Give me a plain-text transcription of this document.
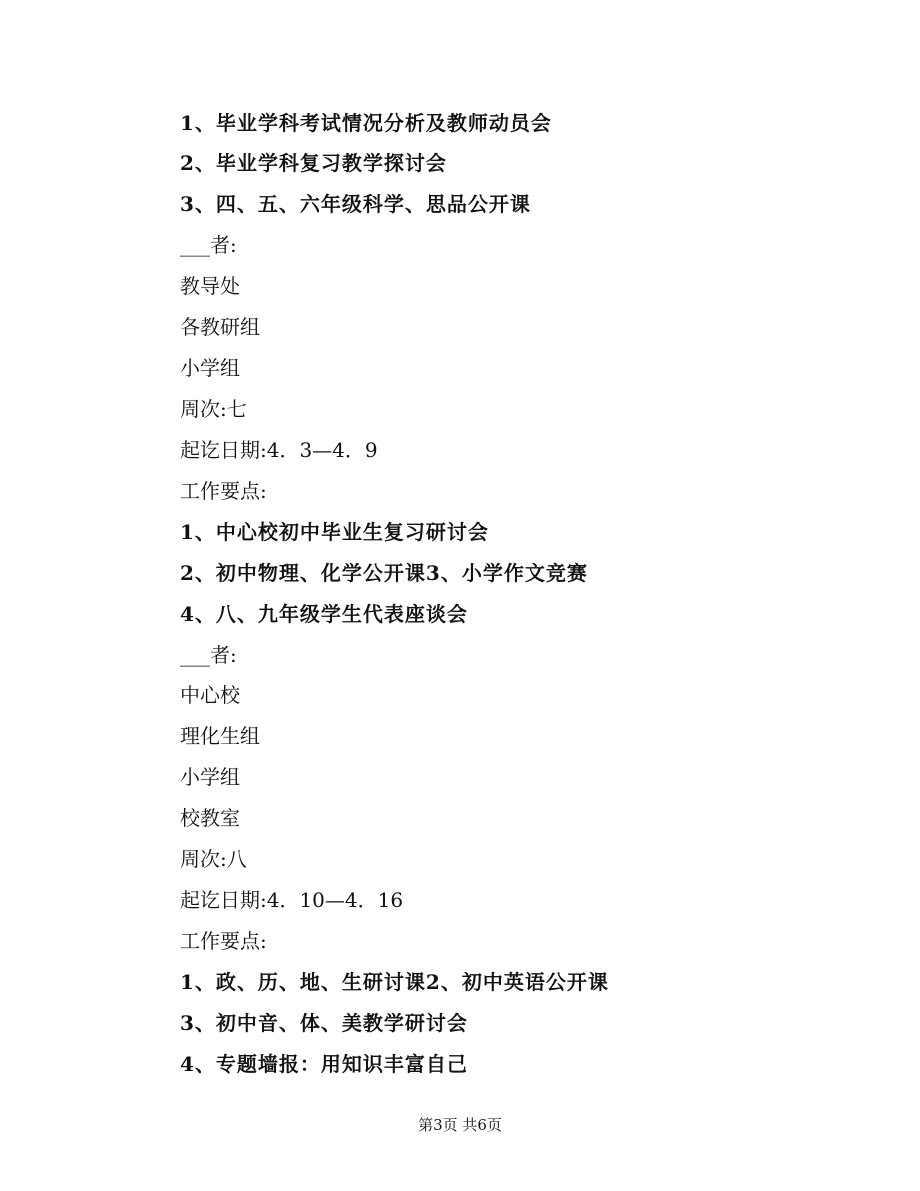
1、毕业学科考试情况分析及教师动员会
2、毕业学科复习教学探讨会
3、四、五、六年级科学、思品公开课
___者:
教导处
各教研组
小学组
周次:七
起讫日期:4．3—4．9
工作要点:
1、中心校初中毕业生复习研讨会
2、初中物理、化学公开课3、小学作文竞赛
4、八、九年级学生代表座谈会
___者:
中心校
理化生组
小学组
校教室
周次:八
起讫日期:4．10—4．16
工作要点:
1、政、历、地、生研讨课2、初中英语公开课
3、初中音、体、美教学研讨会
4、专题墙报：用知识丰富自己
第3页 共6页
